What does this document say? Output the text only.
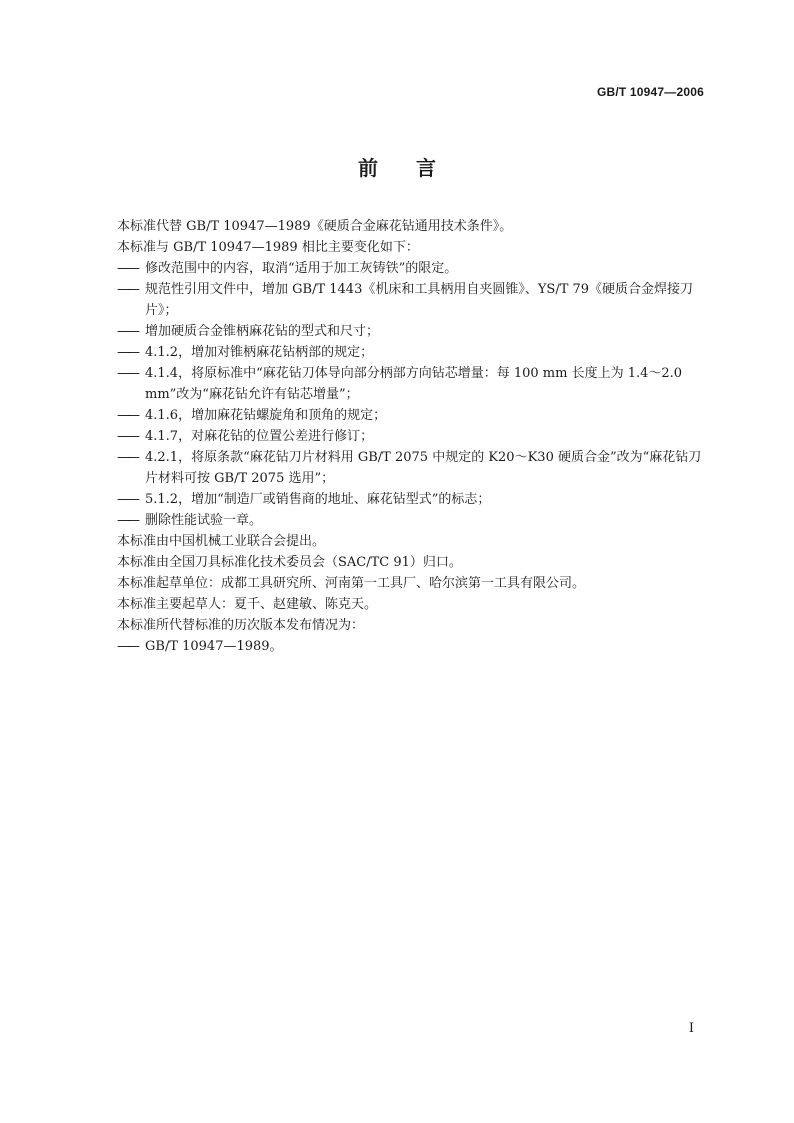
GB/T 10947—2006
前言

本标准代替 GB/T 10947—1989《硬质合金麻花钻通用技术条件》。

本标准与 GB/T 10947—1989 相比主要变化如下：

—— 修改范围中的内容，取消“适用于加工灰铸铁”的限定。

—— 规范性引用文件中，增加 GB/T 1443《机床和工具柄用自夹圆锥》、YS/T 79《硬质合金焊接刀片》；

—— 增加硬质合金锥柄麻花钻的型式和尺寸；

—— 4.1.2，增加对锥柄麻花钻柄部的规定；

—— 4.1.4，将原标准中“麻花钻刀体导向部分柄部方向钻芯增量：每 100 mm 长度上为 1.4～2.0 mm”改为“麻花钻允许有钻芯增量”；

—— 4.1.6，增加麻花钻螺旋角和顶角的规定；

—— 4.1.7，对麻花钻的位置公差进行修订；

—— 4.2.1，将原条款“麻花钻刀片材料用 GB/T 2075 中规定的 K20～K30 硬质合金”改为“麻花钻刀片材料可按 GB/T 2075 选用”；

—— 5.1.2，增加“制造厂或销售商的地址、麻花钻型式”的标志；

—— 删除性能试验一章。

本标准由中国机械工业联合会提出。

本标准由全国刀具标准化技术委员会（SAC/TC 91）归口。

本标准起草单位：成都工具研究所、河南第一工具厂、哈尔滨第一工具有限公司。

本标准主要起草人：夏千、赵建敏、陈克天。

本标准所代替标准的历次版本发布情况为：

—— GB/T 10947—1989。

I
